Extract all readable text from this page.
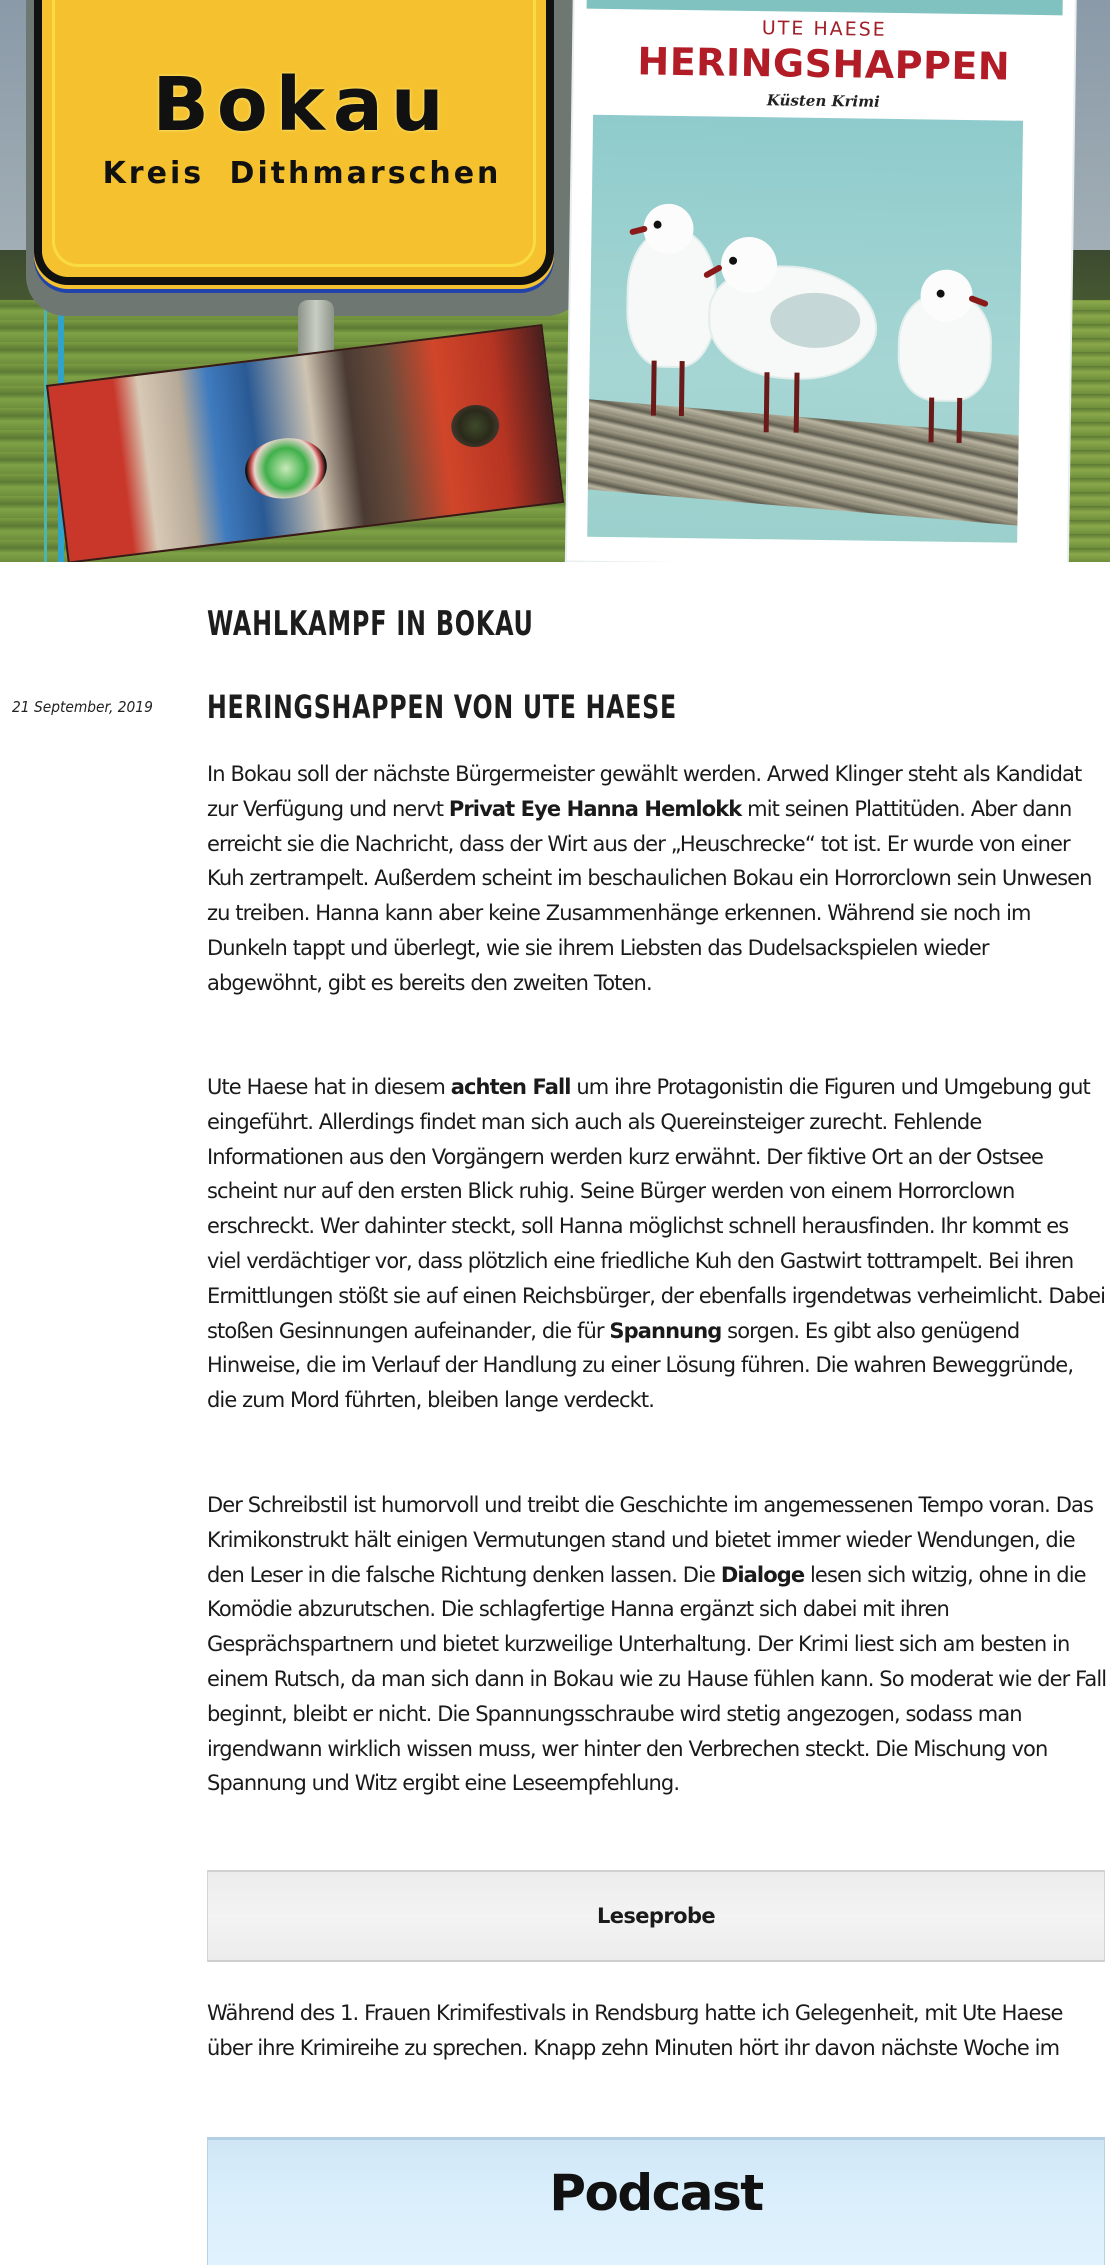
Bokau
Kreis Dithmarschen
UTE HAESE
HERINGSHAPPEN
Küsten Krimi
WAHLKAMPF IN BOKAU
21 September, 2019 HERINGSHAPPEN VON UTE HAESE

In Bokau soll der nächste Bürgermeister gewählt werden. Arwed Klinger steht als Kandidat zur Verfügung und nervt Privat Eye Hanna Hemlokk mit seinen Plattitüden. Aber dann erreicht sie die Nachricht, dass der Wirt aus der „Heuschrecke“ tot ist. Er wurde von einer Kuh zertrampelt. Außerdem scheint im beschaulichen Bokau ein Horrorclown sein Unwesen zu treiben. Hanna kann aber keine Zusammenhänge erkennen. Während sie noch im Dunkeln tappt und überlegt, wie sie ihrem Liebsten das Dudelsackspielen wieder abgewöhnt, gibt es bereits den zweiten Toten.

Ute Haese hat in diesem achten Fall um ihre Protagonistin die Figuren und Umgebung gut eingeführt. Allerdings findet man sich auch als Quereinsteiger zurecht. Fehlende Informationen aus den Vorgängern werden kurz erwähnt. Der fiktive Ort an der Ostsee scheint nur auf den ersten Blick ruhig. Seine Bürger werden von einem Horrorclown erschreckt. Wer dahinter steckt, soll Hanna möglichst schnell herausfinden. Ihr kommt es viel verdächtiger vor, dass plötzlich eine friedliche Kuh den Gastwirt tottrampelt. Bei ihren Ermittlungen stößt sie auf einen Reichsbürger, der ebenfalls irgendetwas verheimlicht. Dabei stoßen Gesinnungen aufeinander, die für Spannung sorgen. Es gibt also genügend Hinweise, die im Verlauf der Handlung zu einer Lösung führen. Die wahren Beweggründe, die zum Mord führten, bleiben lange verdeckt.

Der Schreibstil ist humorvoll und treibt die Geschichte im angemessenen Tempo voran. Das Krimikonstrukt hält einigen Vermutungen stand und bietet immer wieder Wendungen, die den Leser in die falsche Richtung denken lassen. Die Dialoge lesen sich witzig, ohne in die Komödie abzurutschen. Die schlagfertige Hanna ergänzt sich dabei mit ihren Gesprächspartnern und bietet kurzweilige Unterhaltung. Der Krimi liest sich am besten in einem Rutsch, da man sich dann in Bokau wie zu Hause fühlen kann. So moderat wie der Fall beginnt, bleibt er nicht. Die Spannungsschraube wird stetig angezogen, sodass man irgendwann wirklich wissen muss, wer hinter den Verbrechen steckt. Die Mischung von Spannung und Witz ergibt eine Leseempfehlung.

Leseprobe

Während des 1. Frauen Krimifestivals in Rendsburg hatte ich Gelegenheit, mit Ute Haese über ihre Krimireihe zu sprechen. Knapp zehn Minuten hört ihr davon nächste Woche im

Podcast
